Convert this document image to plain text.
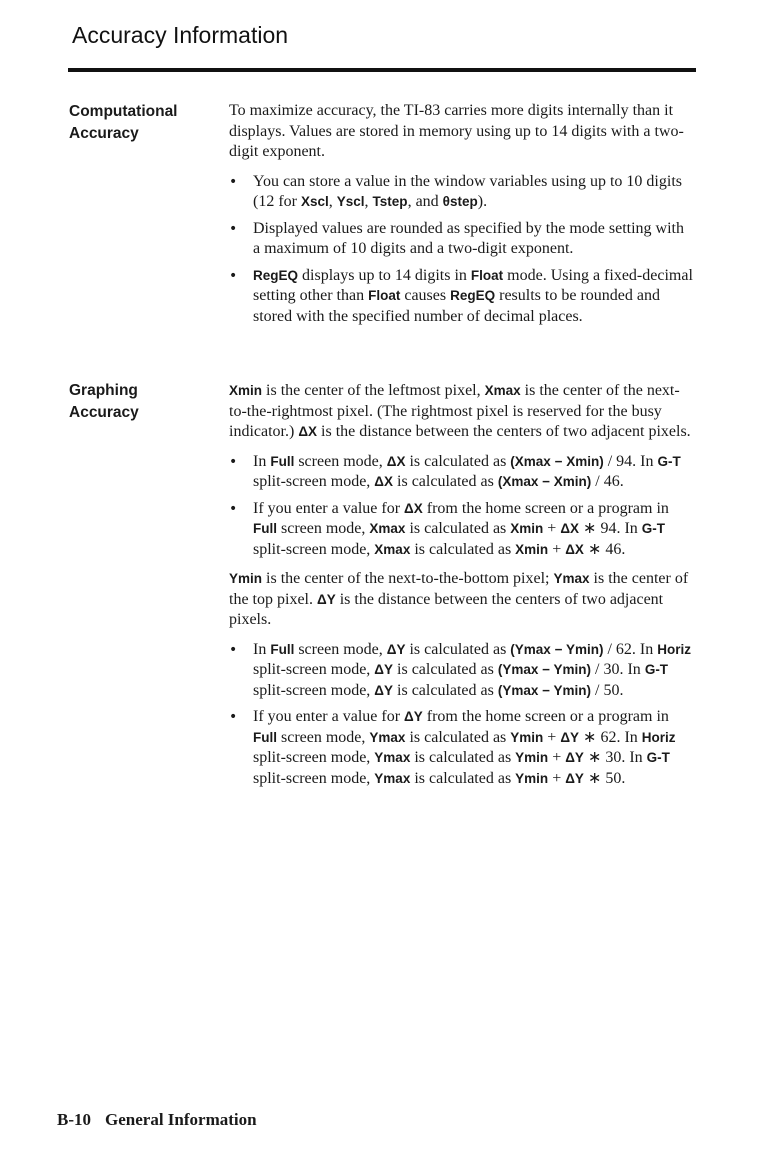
Accuracy Information
Computational
Accuracy

To maximize accuracy, the TI-83 carries more digits internally than it displays. Values are stored in memory using up to 14 digits with a two-digit exponent.

• You can store a value in the window variables using up to 10 digits (12 for Xscl, Yscl, Tstep, and θstep).
• Displayed values are rounded as specified by the mode setting with a maximum of 10 digits and a two-digit exponent.
• RegEQ displays up to 14 digits in Float mode. Using a fixed-decimal setting other than Float causes RegEQ results to be rounded and stored with the specified number of decimal places.
Graphing
Accuracy

Xmin is the center of the leftmost pixel, Xmax is the center of the next-to-the-rightmost pixel. (The rightmost pixel is reserved for the busy indicator.) ΔX is the distance between the centers of two adjacent pixels.

• In Full screen mode, ΔX is calculated as (Xmax − Xmin) / 94. In G-T split-screen mode, ΔX is calculated as (Xmax − Xmin) / 46.
• If you enter a value for ΔX from the home screen or a program in Full screen mode, Xmax is calculated as Xmin + ΔX ∗ 94. In G-T split-screen mode, Xmax is calculated as Xmin + ΔX ∗ 46.

Ymin is the center of the next-to-the-bottom pixel; Ymax is the center of the top pixel. ΔY is the distance between the centers of two adjacent pixels.

• In Full screen mode, ΔY is calculated as (Ymax − Ymin) / 62. In Horiz split-screen mode, ΔY is calculated as (Ymax − Ymin) / 30. In G-T split-screen mode, ΔY is calculated as (Ymax − Ymin) / 50.
• If you enter a value for ΔY from the home screen or a program in Full screen mode, Ymax is calculated as Ymin + ΔY ∗ 62. In Horiz split-screen mode, Ymax is calculated as Ymin + ΔY ∗ 30. In G-T split-screen mode, Ymax is calculated as Ymin + ΔY ∗ 50.
B-10 General Information
